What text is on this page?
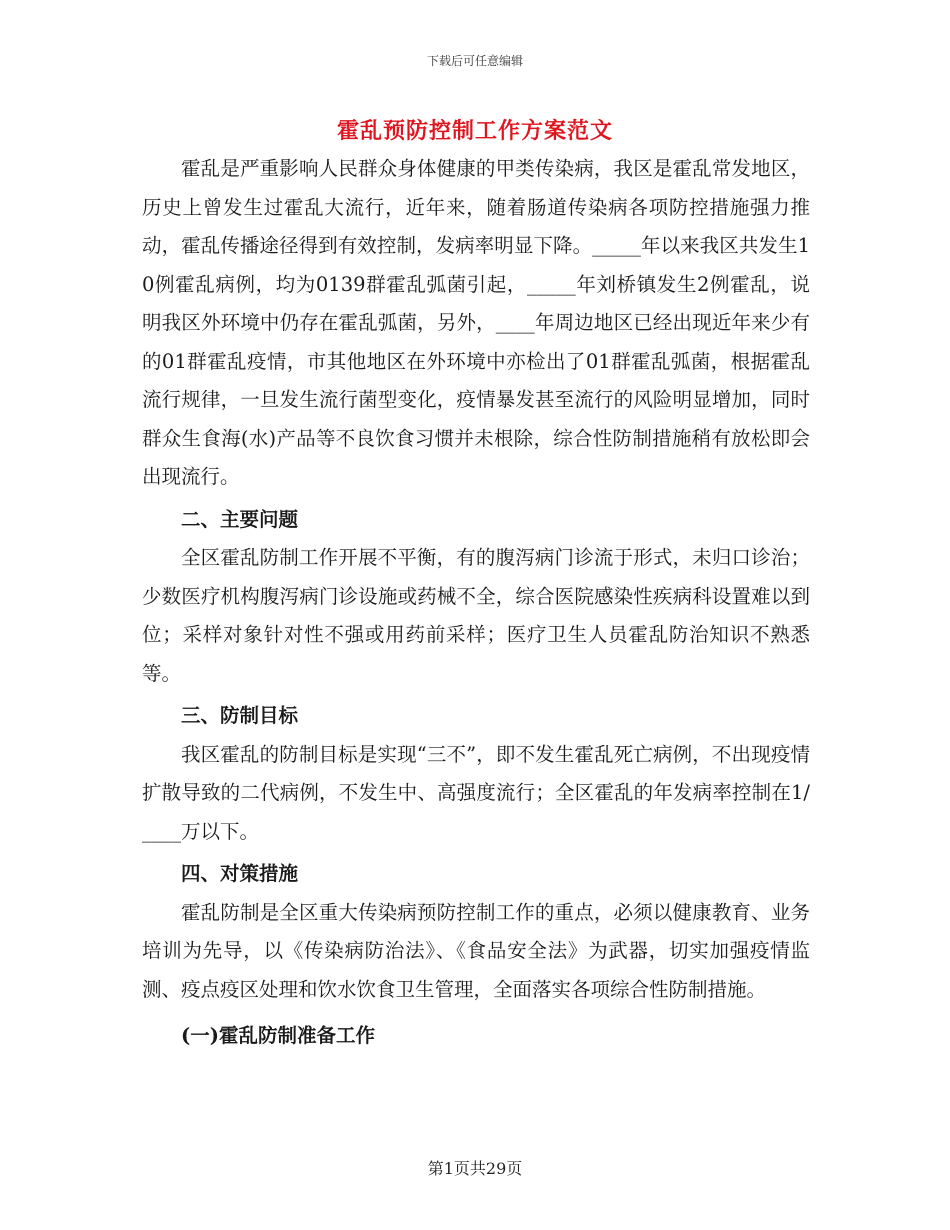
下载后可任意编辑
霍乱预防控制工作方案范文

霍乱是严重影响人民群众身体健康的甲类传染病，我区是霍乱常发地区，历史上曾发生过霍乱大流行，近年来，随着肠道传染病各项防控措施强力推动，霍乱传播途径得到有效控制，发病率明显下降。_____年以来我区共发生10例霍乱病例，均为0139群霍乱弧菌引起，_____年刘桥镇发生2例霍乱，说明我区外环境中仍存在霍乱弧菌，另外，____年周边地区已经出现近年来少有的01群霍乱疫情，市其他地区在外环境中亦检出了01群霍乱弧菌，根据霍乱流行规律，一旦发生流行菌型变化，疫情暴发甚至流行的风险明显增加，同时群众生食海(水)产品等不良饮食习惯并未根除，综合性防制措施稍有放松即会出现流行。

二、主要问题

全区霍乱防制工作开展不平衡，有的腹泻病门诊流于形式，未归口诊治；少数医疗机构腹泻病门诊设施或药械不全，综合医院感染性疾病科设置难以到位；采样对象针对性不强或用药前采样；医疗卫生人员霍乱防治知识不熟悉等。

三、防制目标

我区霍乱的防制目标是实现“三不”，即不发生霍乱死亡病例，不出现疫情扩散导致的二代病例，不发生中、高强度流行；全区霍乱的年发病率控制在1/____万以下。

四、对策措施

霍乱防制是全区重大传染病预防控制工作的重点，必须以健康教育、业务培训为先导，以《传染病防治法》、《食品安全法》为武器，切实加强疫情监测、疫点疫区处理和饮水饮食卫生管理，全面落实各项综合性防制措施。

(一)霍乱防制准备工作

第1页共29页
